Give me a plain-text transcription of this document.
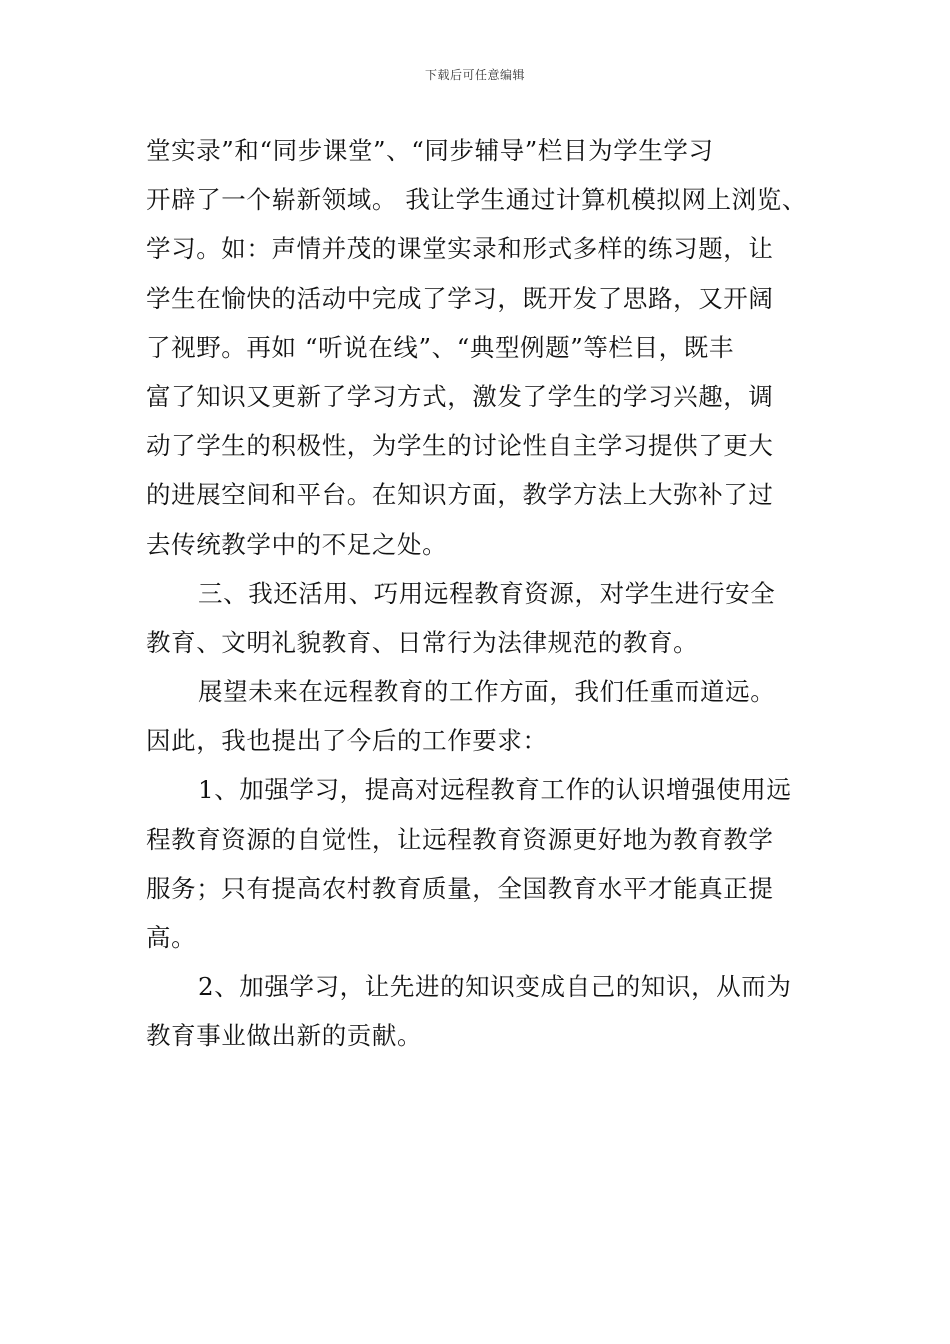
下载后可任意编辑
堂实录”和“同步课堂”、“同步辅导”栏目为学生学习
开辟了一个崭新领域。 我让学生通过计算机模拟网上浏览、
学习。如：声情并茂的课堂实录和形式多样的练习题，让
学生在愉快的活动中完成了学习，既开发了思路，又开阔
了视野。再如 “听说在线”、“典型例题”等栏目，既丰
富了知识又更新了学习方式，激发了学生的学习兴趣，调
动了学生的积极性，为学生的讨论性自主学习提供了更大
的进展空间和平台。在知识方面，教学方法上大弥补了过
去传统教学中的不足之处。
三、我还活用、巧用远程教育资源，对学生进行安全
教育、文明礼貌教育、日常行为法律规范的教育。
展望未来在远程教育的工作方面，我们任重而道远。
因此，我也提出了今后的工作要求：
1、加强学习，提高对远程教育工作的认识增强使用远
程教育资源的自觉性，让远程教育资源更好地为教育教学
服务；只有提高农村教育质量，全国教育水平才能真正提
高。
2、加强学习，让先进的知识变成自己的知识，从而为
教育事业做出新的贡献。
